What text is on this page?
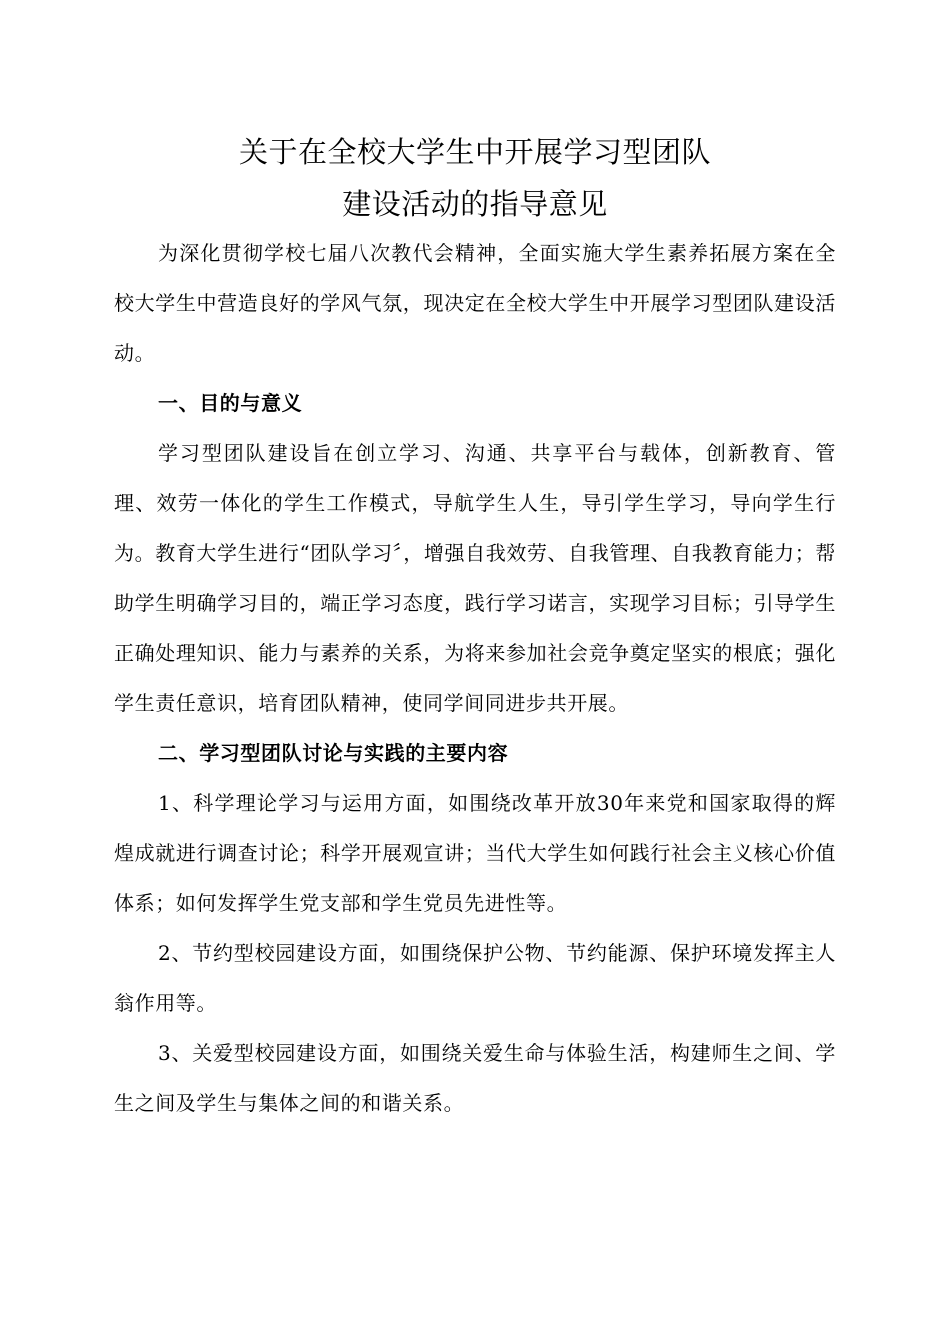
关于在全校大学生中开展学习型团队
建设活动的指导意见

为深化贯彻学校七届八次教代会精神，全面实施大学生素养拓展方案在全校大学生中营造良好的学风气氛，现决定在全校大学生中开展学习型团队建设活动。

一、目的与意义

学习型团队建设旨在创立学习、沟通、共享平台与载体，创新教育、管理、效劳一体化的学生工作模式，导航学生人生，导引学生学习，导向学生行为。教育大学生进行“团队学习〞，增强自我效劳、自我管理、自我教育能力；帮助学生明确学习目的，端正学习态度，践行学习诺言，实现学习目标；引导学生正确处理知识、能力与素养的关系，为将来参加社会竞争奠定坚实的根底；强化学生责任意识，培育团队精神，使同学间同进步共开展。

二、学习型团队讨论与实践的主要内容

1、科学理论学习与运用方面，如围绕改革开放30年来党和国家取得的辉煌成就进行调查讨论；科学开展观宣讲；当代大学生如何践行社会主义核心价值体系；如何发挥学生党支部和学生党员先进性等。

2、节约型校园建设方面，如围绕保护公物、节约能源、保护环境发挥主人翁作用等。

3、关爱型校园建设方面，如围绕关爱生命与体验生活，构建师生之间、学生之间及学生与集体之间的和谐关系。
